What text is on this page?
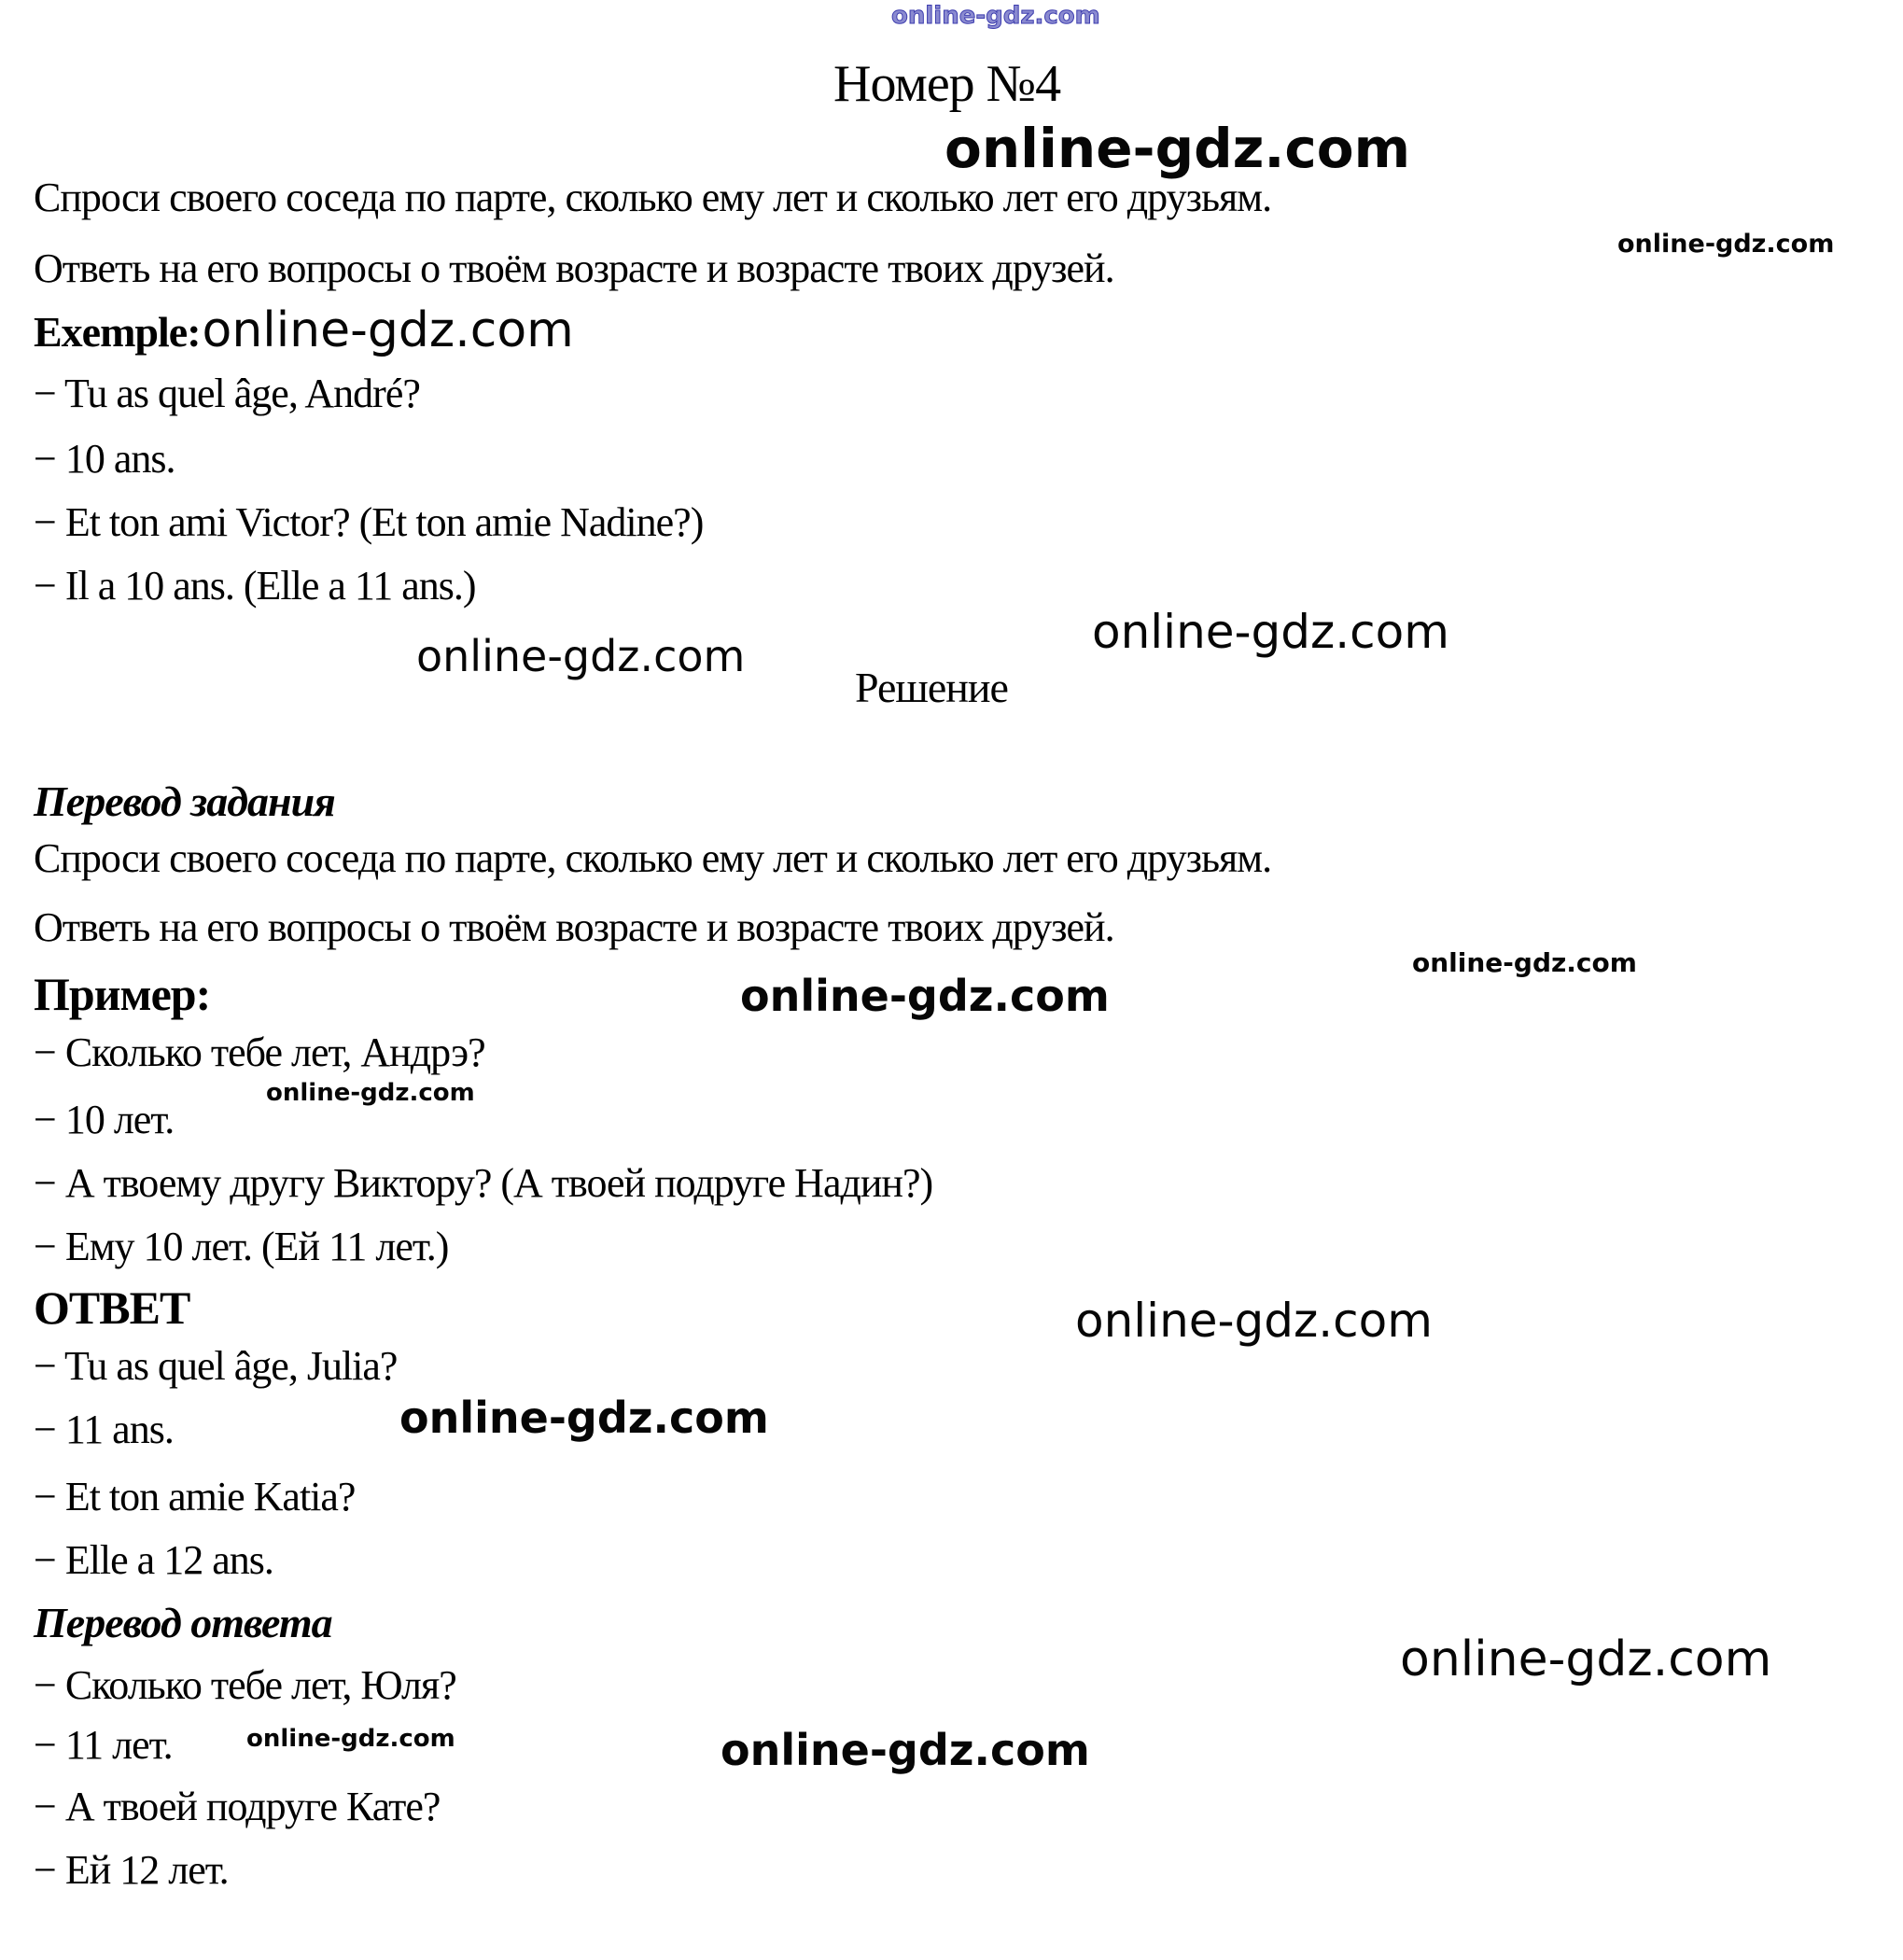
online-gdz.com
Номер №4
online-gdz.com
Спроси своего соседа по парте, сколько ему лет и сколько лет его друзьям.
online-gdz.com
Ответь на его вопросы о твоём возрасте и возрасте твоих друзей.
Exemple: online-gdz.com
− Tu as quel âge, André?
− 10 ans.
− Et ton ami Victor? (Et ton amie Nadine?)
− Il a 10 ans. (Elle a 11 ans.)
online-gdz.com
Решение
online-gdz.com
Перевод задания
Спроси своего соседа по парте, сколько ему лет и сколько лет его друзьям.
Ответь на его вопросы о твоём возрасте и возрасте твоих друзей.
Пример:	online-gdz.com
online-gdz.com
− Сколько тебе лет, Андрэ?
− 10 лет.
online-gdz.com
− А твоему другу Виктору? (А твоей подруге Надин?)
− Ему 10 лет. (Ей 11 лет.)
ОТВЕТ	online-gdz.com
− Tu as quel âge, Julia?
− 11 ans.	online-gdz.com
− Et ton amie Katia?
− Elle a 12 ans.
Перевод ответа
online-gdz.com
− Сколько тебе лет, Юля?
− 11 лет.	online-gdz.com	online-gdz.com
− А твоей подруге Кате?
− Ей 12 лет.
